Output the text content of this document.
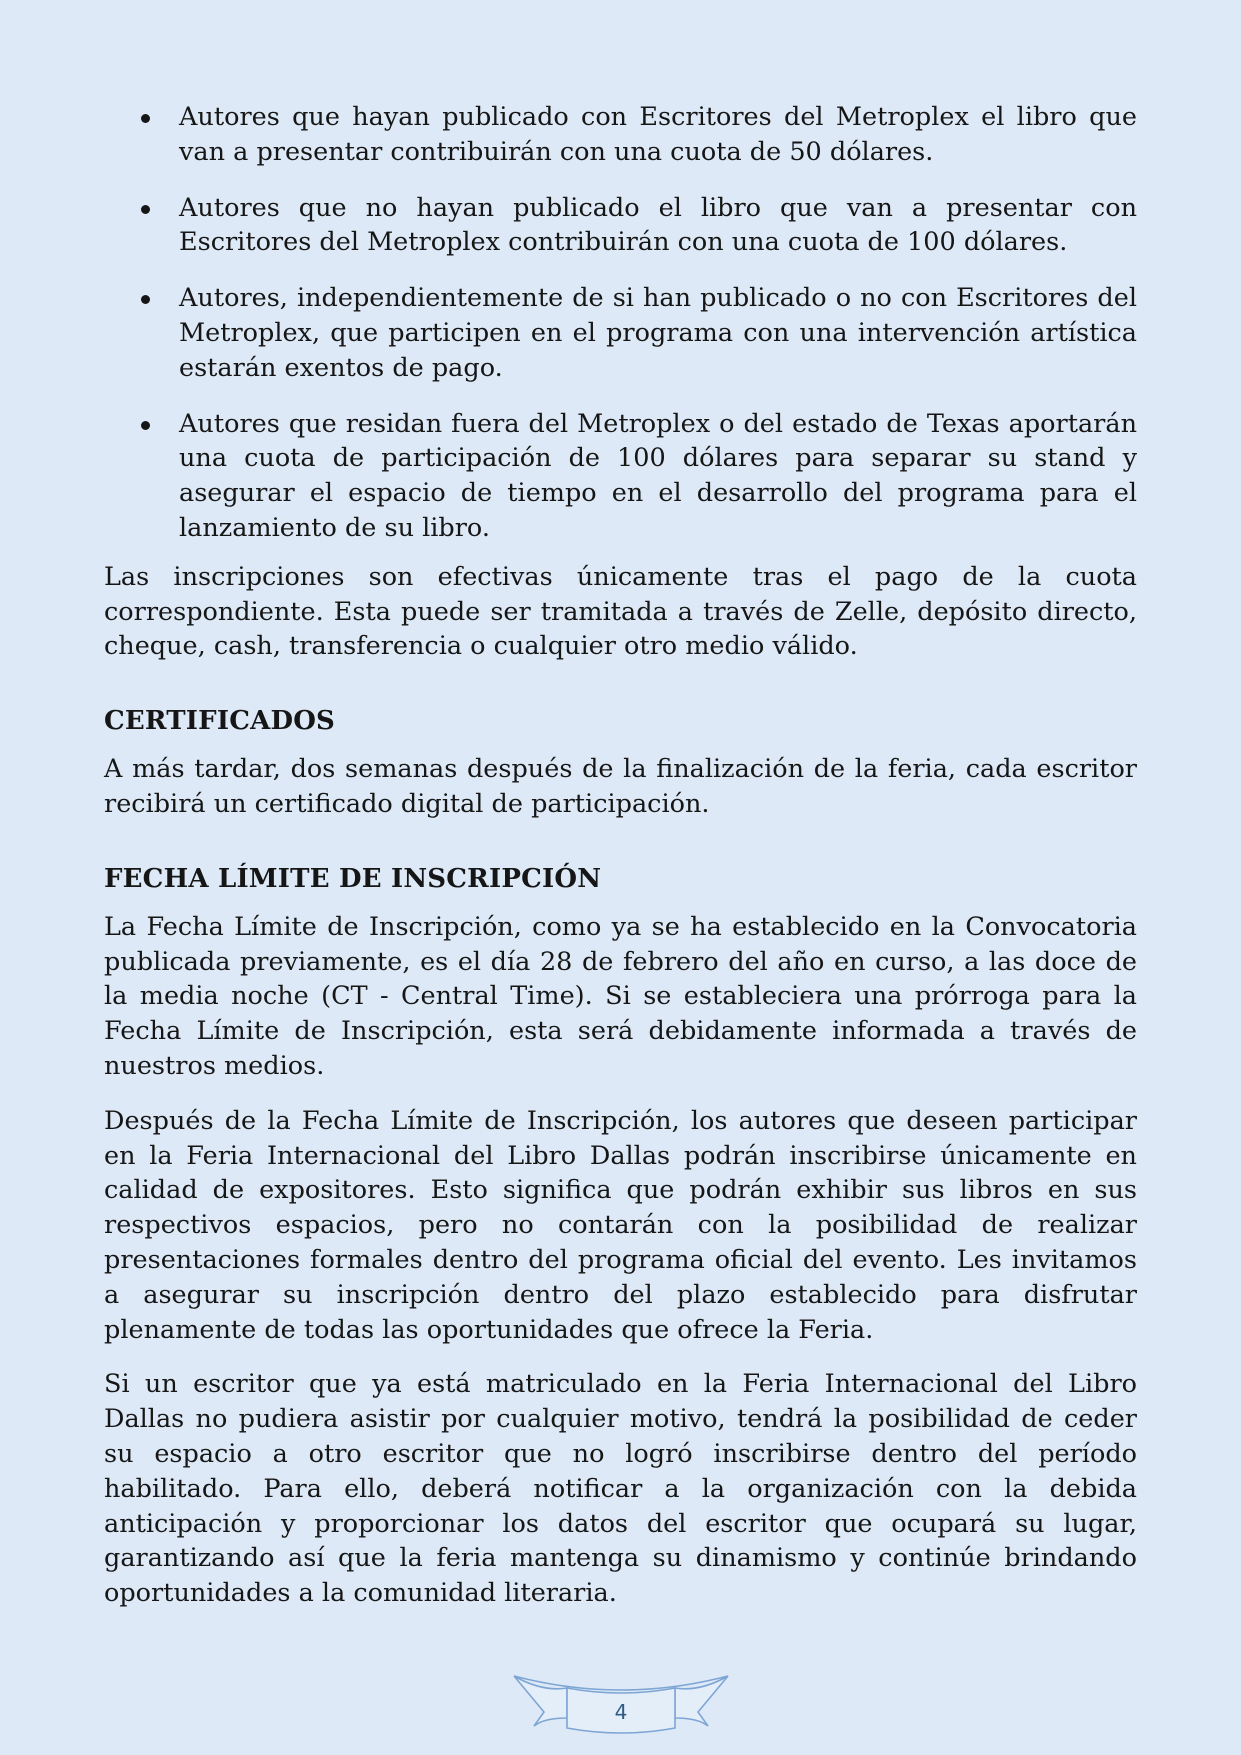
Autores que hayan publicado con Escritores del Metroplex el libro que van a presentar contribuirán con una cuota de 50 dólares.
Autores que no hayan publicado el libro que van a presentar con Escritores del Metroplex contribuirán con una cuota de 100 dólares.
Autores, independientemente de si han publicado o no con Escritores del Metroplex, que participen en el programa con una intervención artística estarán exentos de pago.
Autores que residan fuera del Metroplex o del estado de Texas aportarán una cuota de participación de 100 dólares para separar su stand y asegurar el espacio de tiempo en el desarrollo del programa para el lanzamiento de su libro.

Las inscripciones son efectivas únicamente tras el pago de la cuota correspondiente. Esta puede ser tramitada a través de Zelle, depósito directo, cheque, cash, transferencia o cualquier otro medio válido.

CERTIFICADOS

A más tardar, dos semanas después de la finalización de la feria, cada escritor recibirá un certificado digital de participación.

FECHA LÍMITE DE INSCRIPCIÓN

La Fecha Límite de Inscripción, como ya se ha establecido en la Convocatoria publicada previamente, es el día 28 de febrero del año en curso, a las doce de la media noche (CT - Central Time). Si se estableciera una prórroga para la Fecha Límite de Inscripción, esta será debidamente informada a través de nuestros medios.

Después de la Fecha Límite de Inscripción, los autores que deseen participar en la Feria Internacional del Libro Dallas podrán inscribirse únicamente en calidad de expositores. Esto significa que podrán exhibir sus libros en sus respectivos espacios, pero no contarán con la posibilidad de realizar presentaciones formales dentro del programa oficial del evento. Les invitamos a asegurar su inscripción dentro del plazo establecido para disfrutar plenamente de todas las oportunidades que ofrece la Feria.

Si un escritor que ya está matriculado en la Feria Internacional del Libro Dallas no pudiera asistir por cualquier motivo, tendrá la posibilidad de ceder su espacio a otro escritor que no logró inscribirse dentro del período habilitado. Para ello, deberá notificar a la organización con la debida anticipación y proporcionar los datos del escritor que ocupará su lugar, garantizando así que la feria mantenga su dinamismo y continúe brindando oportunidades a la comunidad literaria.

4
